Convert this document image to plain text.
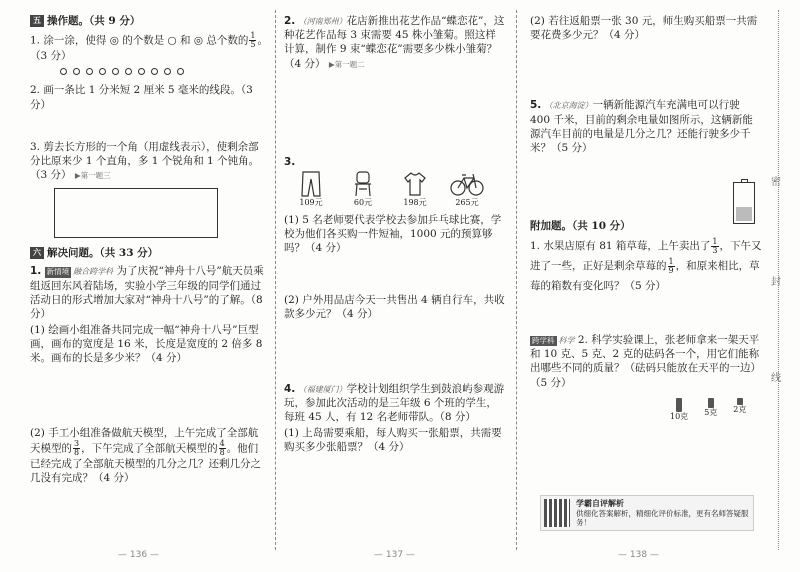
五 操作题。（共 9 分）
1. 涂一涂，使得 ◎ 的个数是 ○ 和 ◎ 总个数的 $\frac{1}{5}$ 。（3 分）
2. 画一条比 1 分米短 2 厘米 5 毫米的线段。（3 分）
3. 剪去长方形的一个角（用虚线表示），使剩余部分比原来少 1 个直角，多 1 个锐角和 1 个钝角。（3 分） ▶第一题三
六 解决问题。（共 33 分）
1. 新情境 融合跨学科 为了庆祝“神舟十八号”航天员乘组返回东风着陆场，实验小学三年级的同学们通过活动日的形式增加大家对“神舟十八号”的了解。（8 分）
(1) 绘画小组准备共同完成一幅“神舟十八号”巨型画，画布的宽度是 16 米，长度是宽度的 2 倍多 8 米。画布的长是多少米？（4 分）
(2) 手工小组准备做航天模型，上午完成了全部航天模型的 $\frac{3}{8}$ ，下午完成了全部航天模型的 $\frac{4}{8}$ 。他们已经完成了全部航天模型的几分之几？还剩几分之几没有完成？（4 分）
2. （河南郑州）花店新推出花艺作品“蝶恋花”，这种花艺作品每 3 束需要 45 株小雏菊。照这样计算，制作 9 束“蝶恋花”需要多少株小雏菊？（4 分） ▶第一题二
3.
109元	60元	198元	265元
(1) 5 名老师要代表学校去参加乒乓球比赛，学校为他们各买购一件短袖，1000 元的预算够吗？（4 分）
(2) 户外用品店今天一共售出 4 辆自行车，共收款多少元？（4 分）
4. （福建厦门）学校计划组织学生到鼓浪屿参观游玩，参加此次活动的是三年级 6 个班的学生，每班 45 人，有 12 名老师带队。（8 分）
(1) 上岛需要乘船，每人购买一张船票，共需要购买多少张船票？（4 分）
(2) 若往返船票一张 30 元，师生购买船票一共需要花费多少元？（4 分）
5. （北京海淀）一辆新能源汽车充满电可以行驶 400 千米，目前的剩余电量如图所示，这辆新能源汽车目前的电量是几分之几？还能行驶多少千米？（5 分）
附加题。（共 10 分）
1. 水果店原有 81 箱草莓，上午卖出了 $\frac{1}{3}$ ，下午又进了一些，正好是剩余草莓的 $\frac{1}{9}$ ，和原来相比，草莓的箱数有变化吗？（5 分）
跨学科 科学 2. 科学实验课上，张老师拿来一架天平和 10 克、5 克、2 克的砝码各一个，用它们能称出哪些不同的质量？（砝码只能放在天平的一边）（5 分）
10克 5克 2克
学霸自评解析
供细化答案解析，精细化评价标准，更有名师答疑服务！
— 136 —	— 137 —	— 138 —
密
封
线
